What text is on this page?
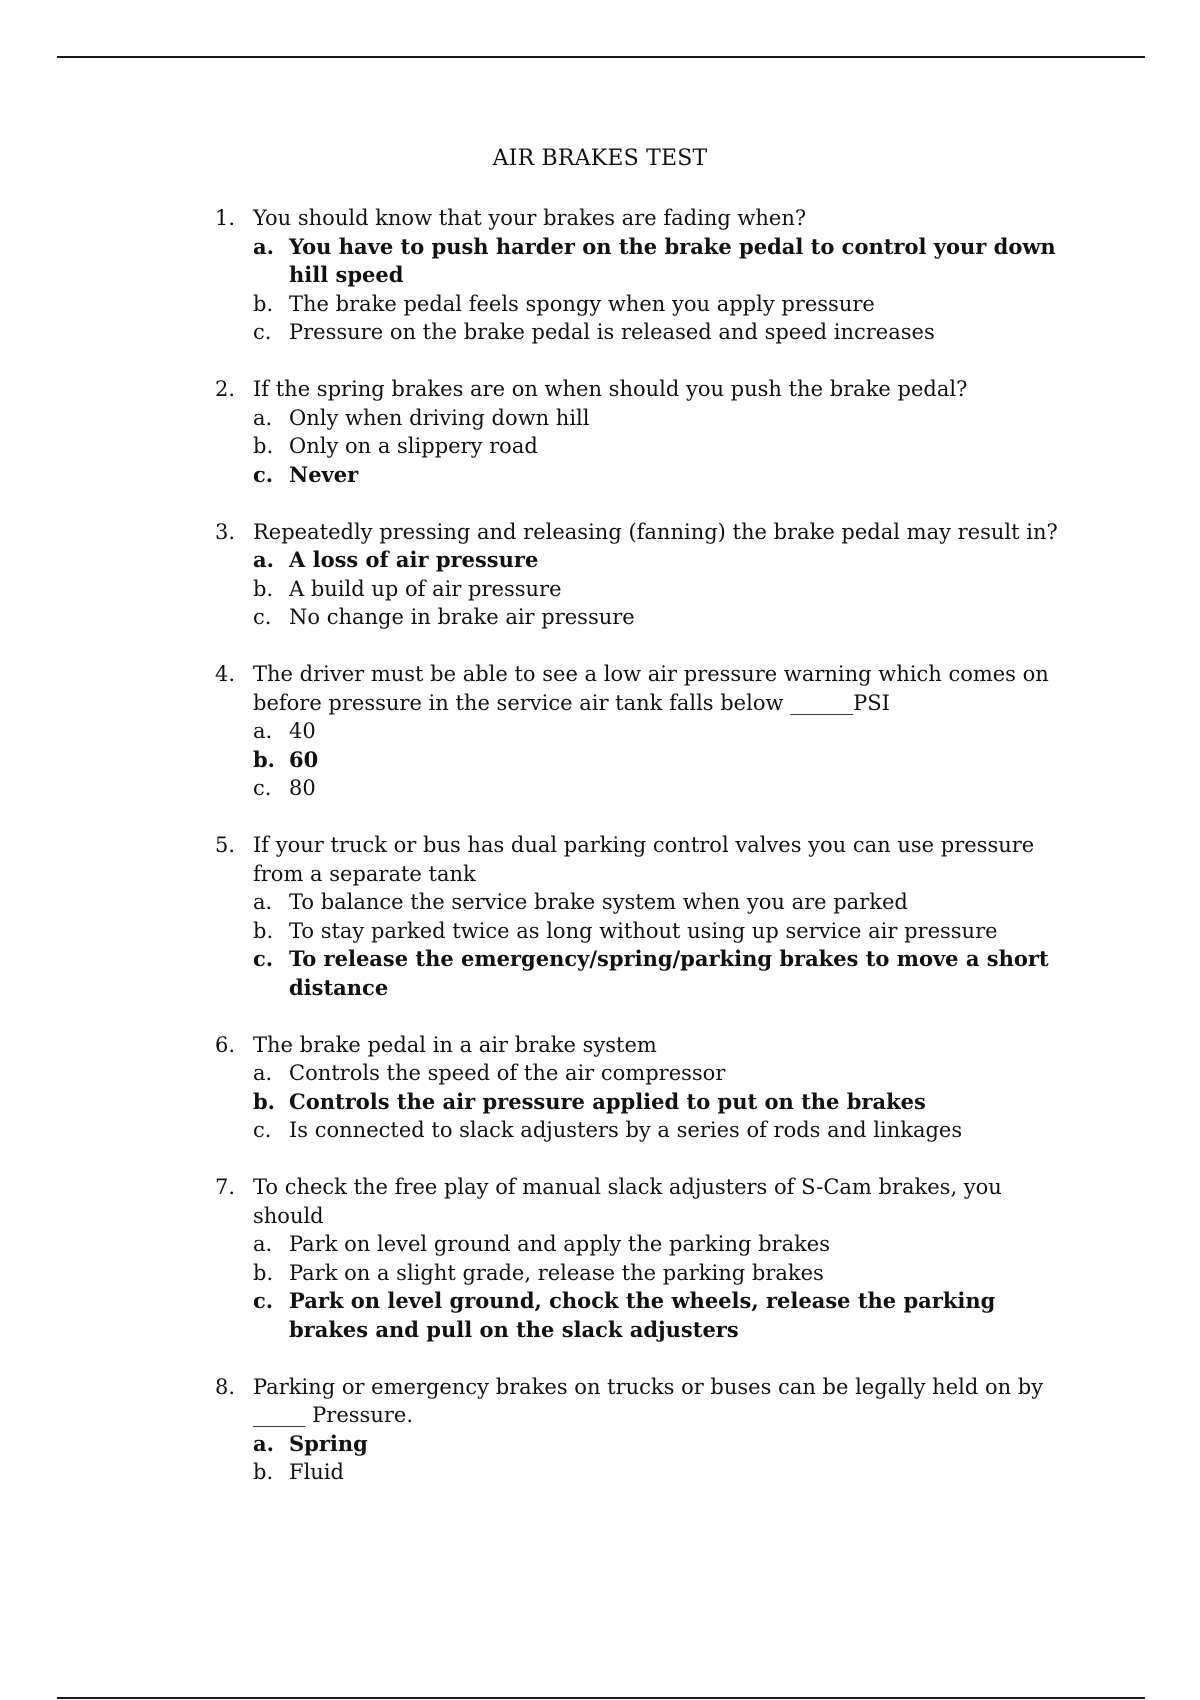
AIR BRAKES TEST
1. You should know that your brakes are fading when?
a. You have to push harder on the brake pedal to control your down hill speed
b. The brake pedal feels spongy when you apply pressure
c. Pressure on the brake pedal is released and speed increases
2. If the spring brakes are on when should you push the brake pedal?
a. Only when driving down hill
b. Only on a slippery road
c. Never
3. Repeatedly pressing and releasing (fanning) the brake pedal may result in?
a. A loss of air pressure
b. A build up of air pressure
c. No change in brake air pressure
4. The driver must be able to see a low air pressure warning which comes on before pressure in the service air tank falls below ______PSI
a. 40
b. 60
c. 80
5. If your truck or bus has dual parking control valves you can use pressure from a separate tank
a. To balance the service brake system when you are parked
b. To stay parked twice as long without using up service air pressure
c. To release the emergency/spring/parking brakes to move a short distance
6. The brake pedal in a air brake system
a. Controls the speed of the air compressor
b. Controls the air pressure applied to put on the brakes
c. Is connected to slack adjusters by a series of rods and linkages
7. To check the free play of manual slack adjusters of S-Cam brakes, you should
a. Park on level ground and apply the parking brakes
b. Park on a slight grade, release the parking brakes
c. Park on level ground, chock the wheels, release the parking brakes and pull on the slack adjusters
8. Parking or emergency brakes on trucks or buses can be legally held on by _____ Pressure.
a. Spring
b. Fluid
